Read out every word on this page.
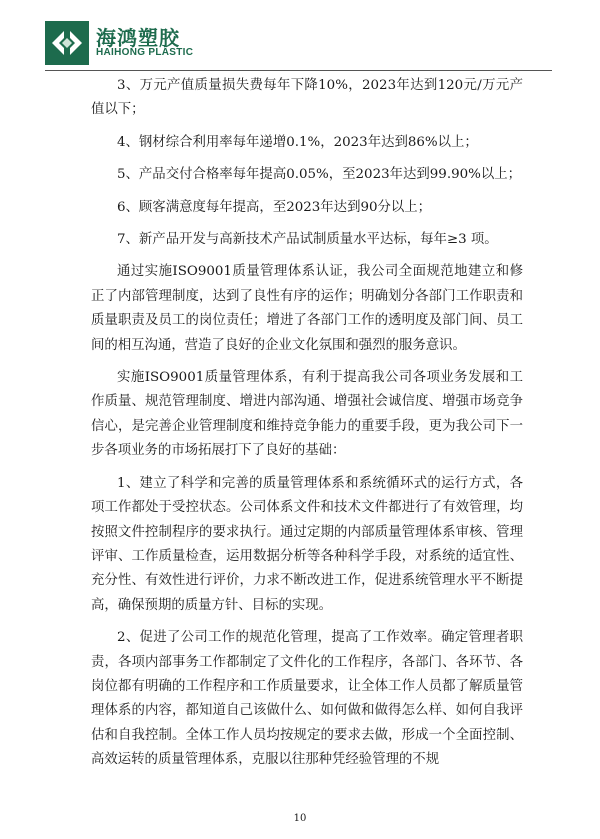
海鸿塑胶
HAIHONG PLASTIC

3、万元产值质量损失费每年下降10%，2023年达到120元/万元产值以下；

4、钢材综合利用率每年递增0.1%，2023年达到86%以上；

5、产品交付合格率每年提高0.05%，至2023年达到99.90%以上；

6、顾客满意度每年提高，至2023年达到90分以上；

7、新产品开发与高新技术产品试制质量水平达标，每年≥3 项。

通过实施ISO9001质量管理体系认证，我公司全面规范地建立和修正了内部管理制度，达到了良性有序的运作；明确划分各部门工作职责和质量职责及员工的岗位责任；增进了各部门工作的透明度及部门间、员工间的相互沟通，营造了良好的企业文化氛围和强烈的服务意识。

实施ISO9001质量管理体系，有利于提高我公司各项业务发展和工作质量、规范管理制度、增进内部沟通、增强社会诚信度、增强市场竞争信心，是完善企业管理制度和维持竞争能力的重要手段，更为我公司下一步各项业务的市场拓展打下了良好的基础：

1、建立了科学和完善的质量管理体系和系统循环式的运行方式，各项工作都处于受控状态。公司体系文件和技术文件都进行了有效管理，均按照文件控制程序的要求执行。通过定期的内部质量管理体系审核、管理评审、工作质量检查，运用数据分析等各种科学手段，对系统的适宜性、充分性、有效性进行评价，力求不断改进工作，促进系统管理水平不断提高，确保预期的质量方针、目标的实现。

2、促进了公司工作的规范化管理，提高了工作效率。确定管理者职责，各项内部事务工作都制定了文件化的工作程序，各部门、各环节、各岗位都有明确的工作程序和工作质量要求，让全体工作人员都了解质量管理体系的内容，都知道自己该做什么、如何做和做得怎么样、如何自我评估和自我控制。全体工作人员均按规定的要求去做，形成一个全面控制、高效运转的质量管理体系，克服以往那种凭经验管理的不规

10
